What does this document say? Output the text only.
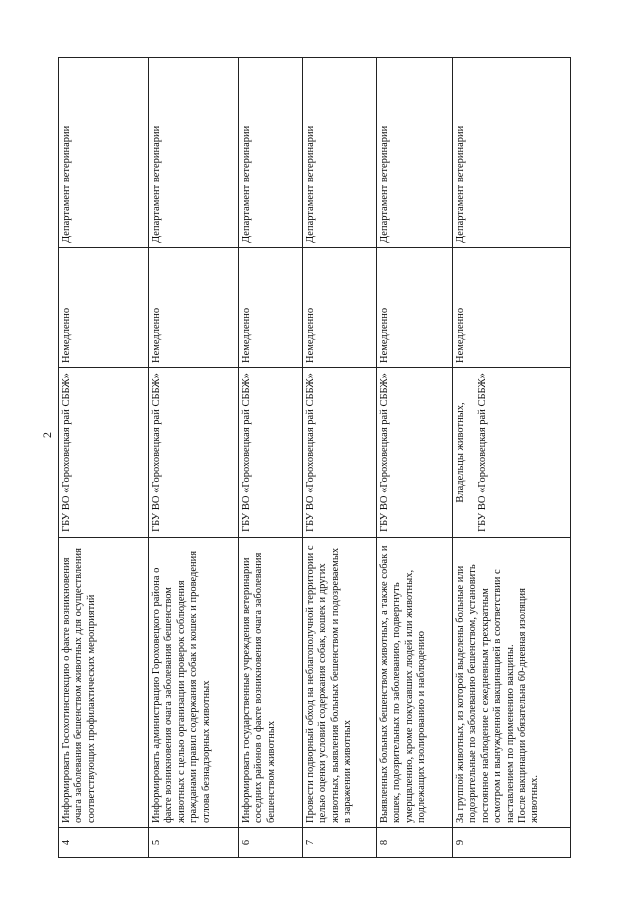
2
4	Информировать Госохотинспекцию о факте возникновения очага заболевания бешенством животных для осуществления соответствующих профилактических мероприятий	ГБУ ВО «Гороховецкая рай СББЖ»	Немедленно	Департамент ветеринарии
5	Информировать администрацию Гороховецкого района о факте возникновения очага заболевания бешенством животных с целью организации проверок соблюдения гражданами правил содержания собак и кошек и проведения отлова безнадзорных животных	ГБУ ВО «Гороховецкая рай СББЖ»	Немедленно	Департамент ветеринарии
6	Информировать государственные учреждения ветеринарии соседних районов о факте возникновения очага заболевания бешенством животных	ГБУ ВО «Гороховецкая рай СББЖ»	Немедленно	Департамент ветеринарии
7	Провести подворный обход на неблагополучной территории с целью оценки условий содержания собак, кошек и других животных, выявления больных бешенством и подозреваемых в заражении животных	ГБУ ВО «Гороховецкая рай СББЖ»	Немедленно	Департамент ветеринарии
8	Выявленных больных бешенством животных, а также собак и кошек, подозрительных по заболеванию, подвергнуть умерщвлению, кроме покусавших людей или животных, подлежащих изолированию и наблюдению	ГБУ ВО «Гороховецкая рай СББЖ»	Немедленно	Департамент ветеринарии
9	За группой животных, из которой выделены больные или подозрительные по заболеванию бешенством, установить постоянное наблюдение с ежедневным трехкратным осмотром и вынужденной вакцинацией в соответствии с наставлением по применению вакцины.
После вакцинации обязательна 60-дневная изоляция животных.	Владельцы животных, ГБУ ВО «Гороховецкая рай СББЖ»	Немедленно	Департамент ветеринарии
